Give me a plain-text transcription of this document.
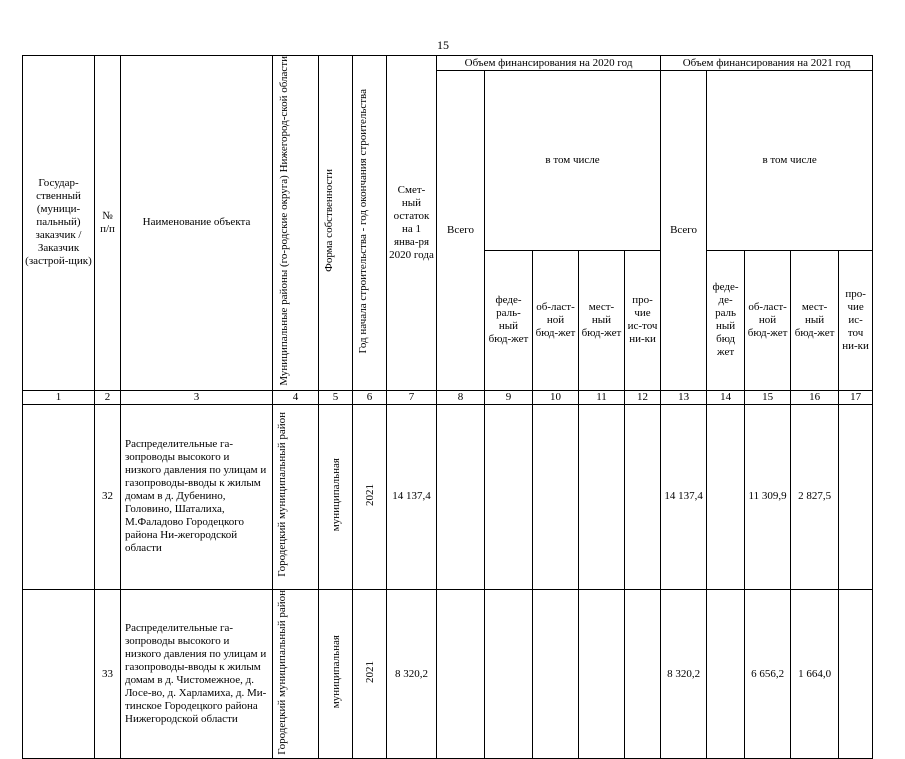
15
Государ-ственный (муници-пальный) заказчик / Заказчик (застрой-щик)	№ п/п	Наименование объекта	Муниципальные районы (го-родские округа) Нижегород-ской области	Форма собственности	Год начала строительства - год окончания строительства	Смет-ный остаток на 1 янва-ря 2020 года	Объем финансирования на 2020 год					Объем финансирования на 2021 год				
							Всего	в том числе				Всего	в том числе			
								феде-раль-ный бюд-жет	об-ласт-ной бюд-жет	мест-ный бюд-жет	про-чие ис-точ ни-ки		феде-де-раль ный бюд жет	об-ласт-ной бюд-жет	мест-ный бюд-жет	про-чие ис-точ ни-ки
1	2	3	4	5	6	7	8	9	10	11	12	13	14	15	16	17
	32	Распределительные га-зопроводы высокого и низкого давления по улицам и газопроводы-вводы к жилым домам в д. Дубенино, Головино, Шаталиха, М.Фаладово Городецкого района Ни-жегородской области	Городецкий муниципальный район	муниципальная	2021	14 137,4						14 137,4		11 309,9	2 827,5	
	33	Распределительные га-зопроводы высокого и низкого давления по улицам и газопроводы-вводы к жилым домам в д. Чистомежное, д. Лосе-во, д. Харламиха, д. Ми-тинское Городецкого района Нижегородской области	Городецкий муниципальный район	муниципальная	2021	8 320,2						8 320,2		6 656,2	1 664,0	
